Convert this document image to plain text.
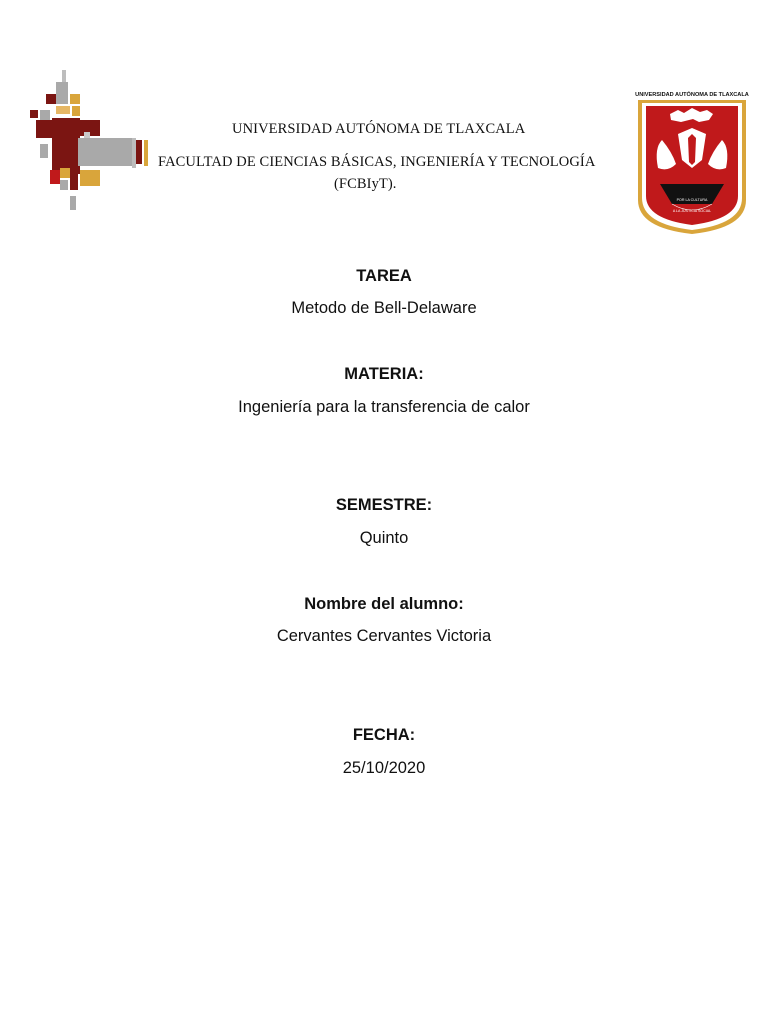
UNIVERSIDAD AUTÓNOMA DE TLAXCALA
FACULTAD DE CIENCIAS BÁSICAS, INGENIERÍA Y TECNOLOGÍA
(FCBIyT).
UNIVERSIDAD AUTÓNOMA DE TLAXCALA
POR LA CULTURA
A LA JUSTICIA SOCIAL
TAREA
Metodo de Bell-Delaware
MATERIA:
Ingeniería para la transferencia de calor
SEMESTRE:
Quinto
Nombre del alumno:
Cervantes Cervantes Victoria
FECHA:
25/10/2020
